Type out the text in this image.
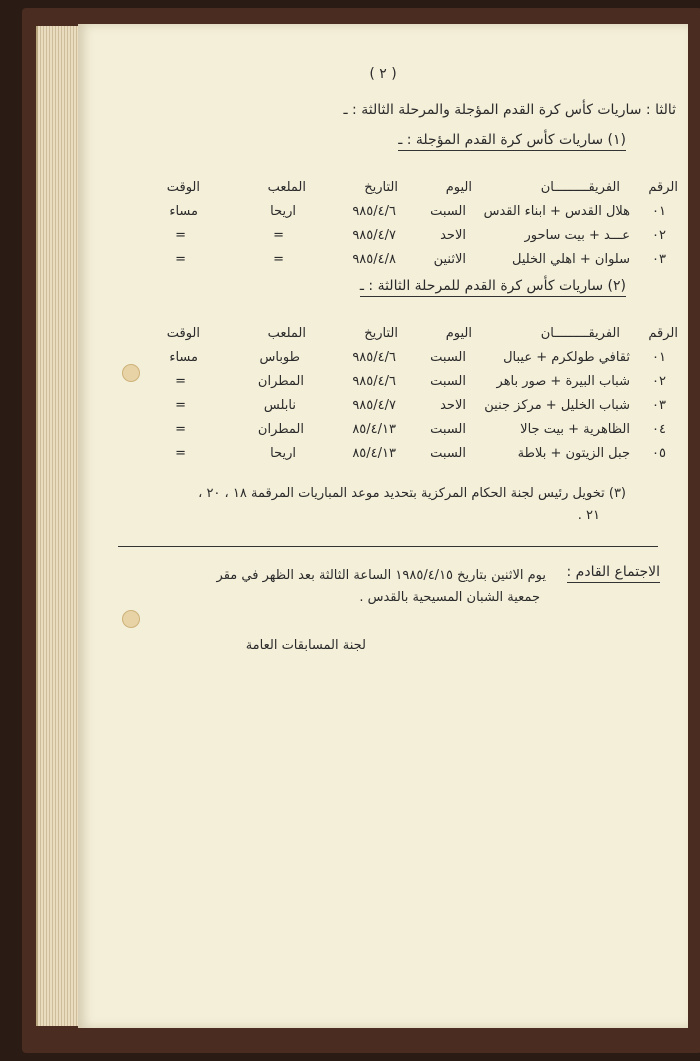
( ٢ )
ثالثا : ساريات كأس كرة القدم المؤجلة والمرحلة الثالثة : ـ
(١) ساريات كأس كرة القدم المؤجلة : ـ
الرقم
الفريقـــــــــان
اليوم
التاريخ
الملعب
الوقت
٠١
هلال القدس + ابناء القدس
السبت
٩٨٥/٤/٦
اريحا
مساء
٠٢
عـــد + بيت ساحور
الاحد
٩٨٥/٤/٧
=
=
٠٣
سلوان + اهلي الخليل
الاثنين
٩٨٥/٤/٨
=
=
(٢) ساريات كأس كرة القدم للمرحلة الثالثة : ـ
الرقم
الفريقـــــــــان
اليوم
التاريخ
الملعب
الوقت
٠١
ثقافي طولكرم + عيبال
السبت
٩٨٥/٤/٦
طوباس
مساء
٠٢
شباب البيرة + صور باهر
السبت
٩٨٥/٤/٦
المطران
=
٠٣
شباب الخليل + مركز جنين
الاحد
٩٨٥/٤/٧
نابلس
=
٠٤
الظاهرية + بيت جالا
السبت
٨٥/٤/١٣
المطران
=
٠٥
جبل الزيتون + بلاطة
السبت
٨٥/٤/١٣
اريحا
=
(٣) تخويل رئيس لجنة الحكام المركزية بتحديد موعد المباريات المرقمة ١٨ ، ٢٠ ،
٢١ .
الاجتماع القادم :
يوم الاثنين بتاريخ ١٩٨٥/٤/١٥ الساعة الثالثة بعد الظهر في مقر
جمعية الشبان المسيحية بالقدس .
لجنة المسابقات العامة
